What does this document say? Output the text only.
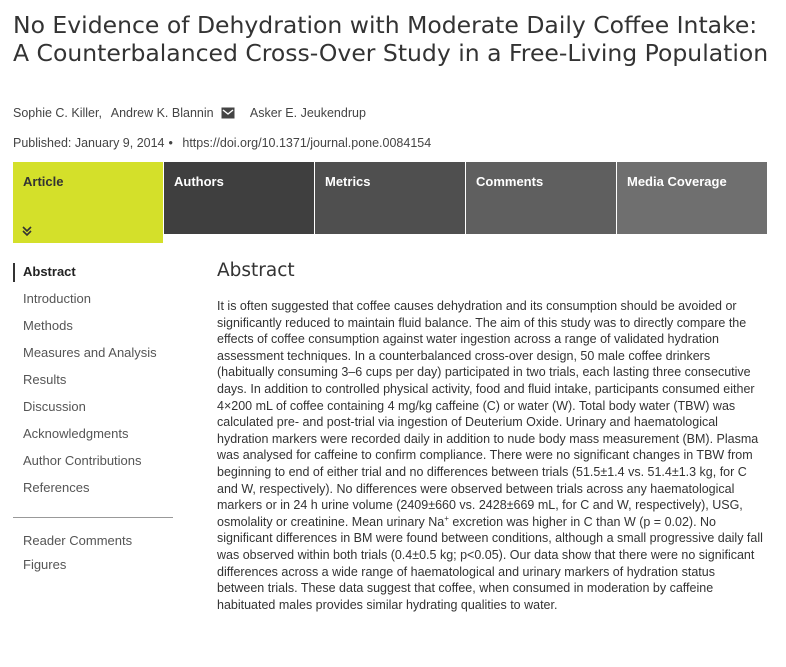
No Evidence of Dehydration with Moderate Daily Coffee Intake: A Counterbalanced Cross-Over Study in a Free-Living Population
Sophie C. Killer, Andrew K. Blannin	Asker E. Jeukendrup
Published: January 9, 2014 • https://doi.org/10.1371/journal.pone.0084154
Article	Authors	Metrics	Comments	Media Coverage
Abstract
Introduction
Methods
Measures and Analysis
Results
Discussion
Acknowledgments
Author Contributions
References
Reader Comments
Figures
Abstract

It is often suggested that coffee causes dehydration and its consumption should be avoided or significantly reduced to maintain fluid balance. The aim of this study was to directly compare the effects of coffee consumption against water ingestion across a range of validated hydration assessment techniques. In a counterbalanced cross-over design, 50 male coffee drinkers (habitually consuming 3–6 cups per day) participated in two trials, each lasting three consecutive days. In addition to controlled physical activity, food and fluid intake, participants consumed either 4×200 mL of coffee containing 4 mg/kg caffeine (C) or water (W). Total body water (TBW) was calculated pre- and post-trial via ingestion of Deuterium Oxide. Urinary and haematological hydration markers were recorded daily in addition to nude body mass measurement (BM). Plasma was analysed for caffeine to confirm compliance. There were no significant changes in TBW from beginning to end of either trial and no differences between trials (51.5±1.4 vs. 51.4±1.3 kg, for C and W, respectively). No differences were observed between trials across any haematological markers or in 24 h urine volume (2409±660 vs. 2428±669 mL, for C and W, respectively), USG, osmolality or creatinine. Mean urinary Na+ excretion was higher in C than W (p = 0.02). No significant differences in BM were found between conditions, although a small progressive daily fall was observed within both trials (0.4±0.5 kg; p<0.05). Our data show that there were no significant differences across a wide range of haematological and urinary markers of hydration status between trials. These data suggest that coffee, when consumed in moderation by caffeine habituated males provides similar hydrating qualities to water.
